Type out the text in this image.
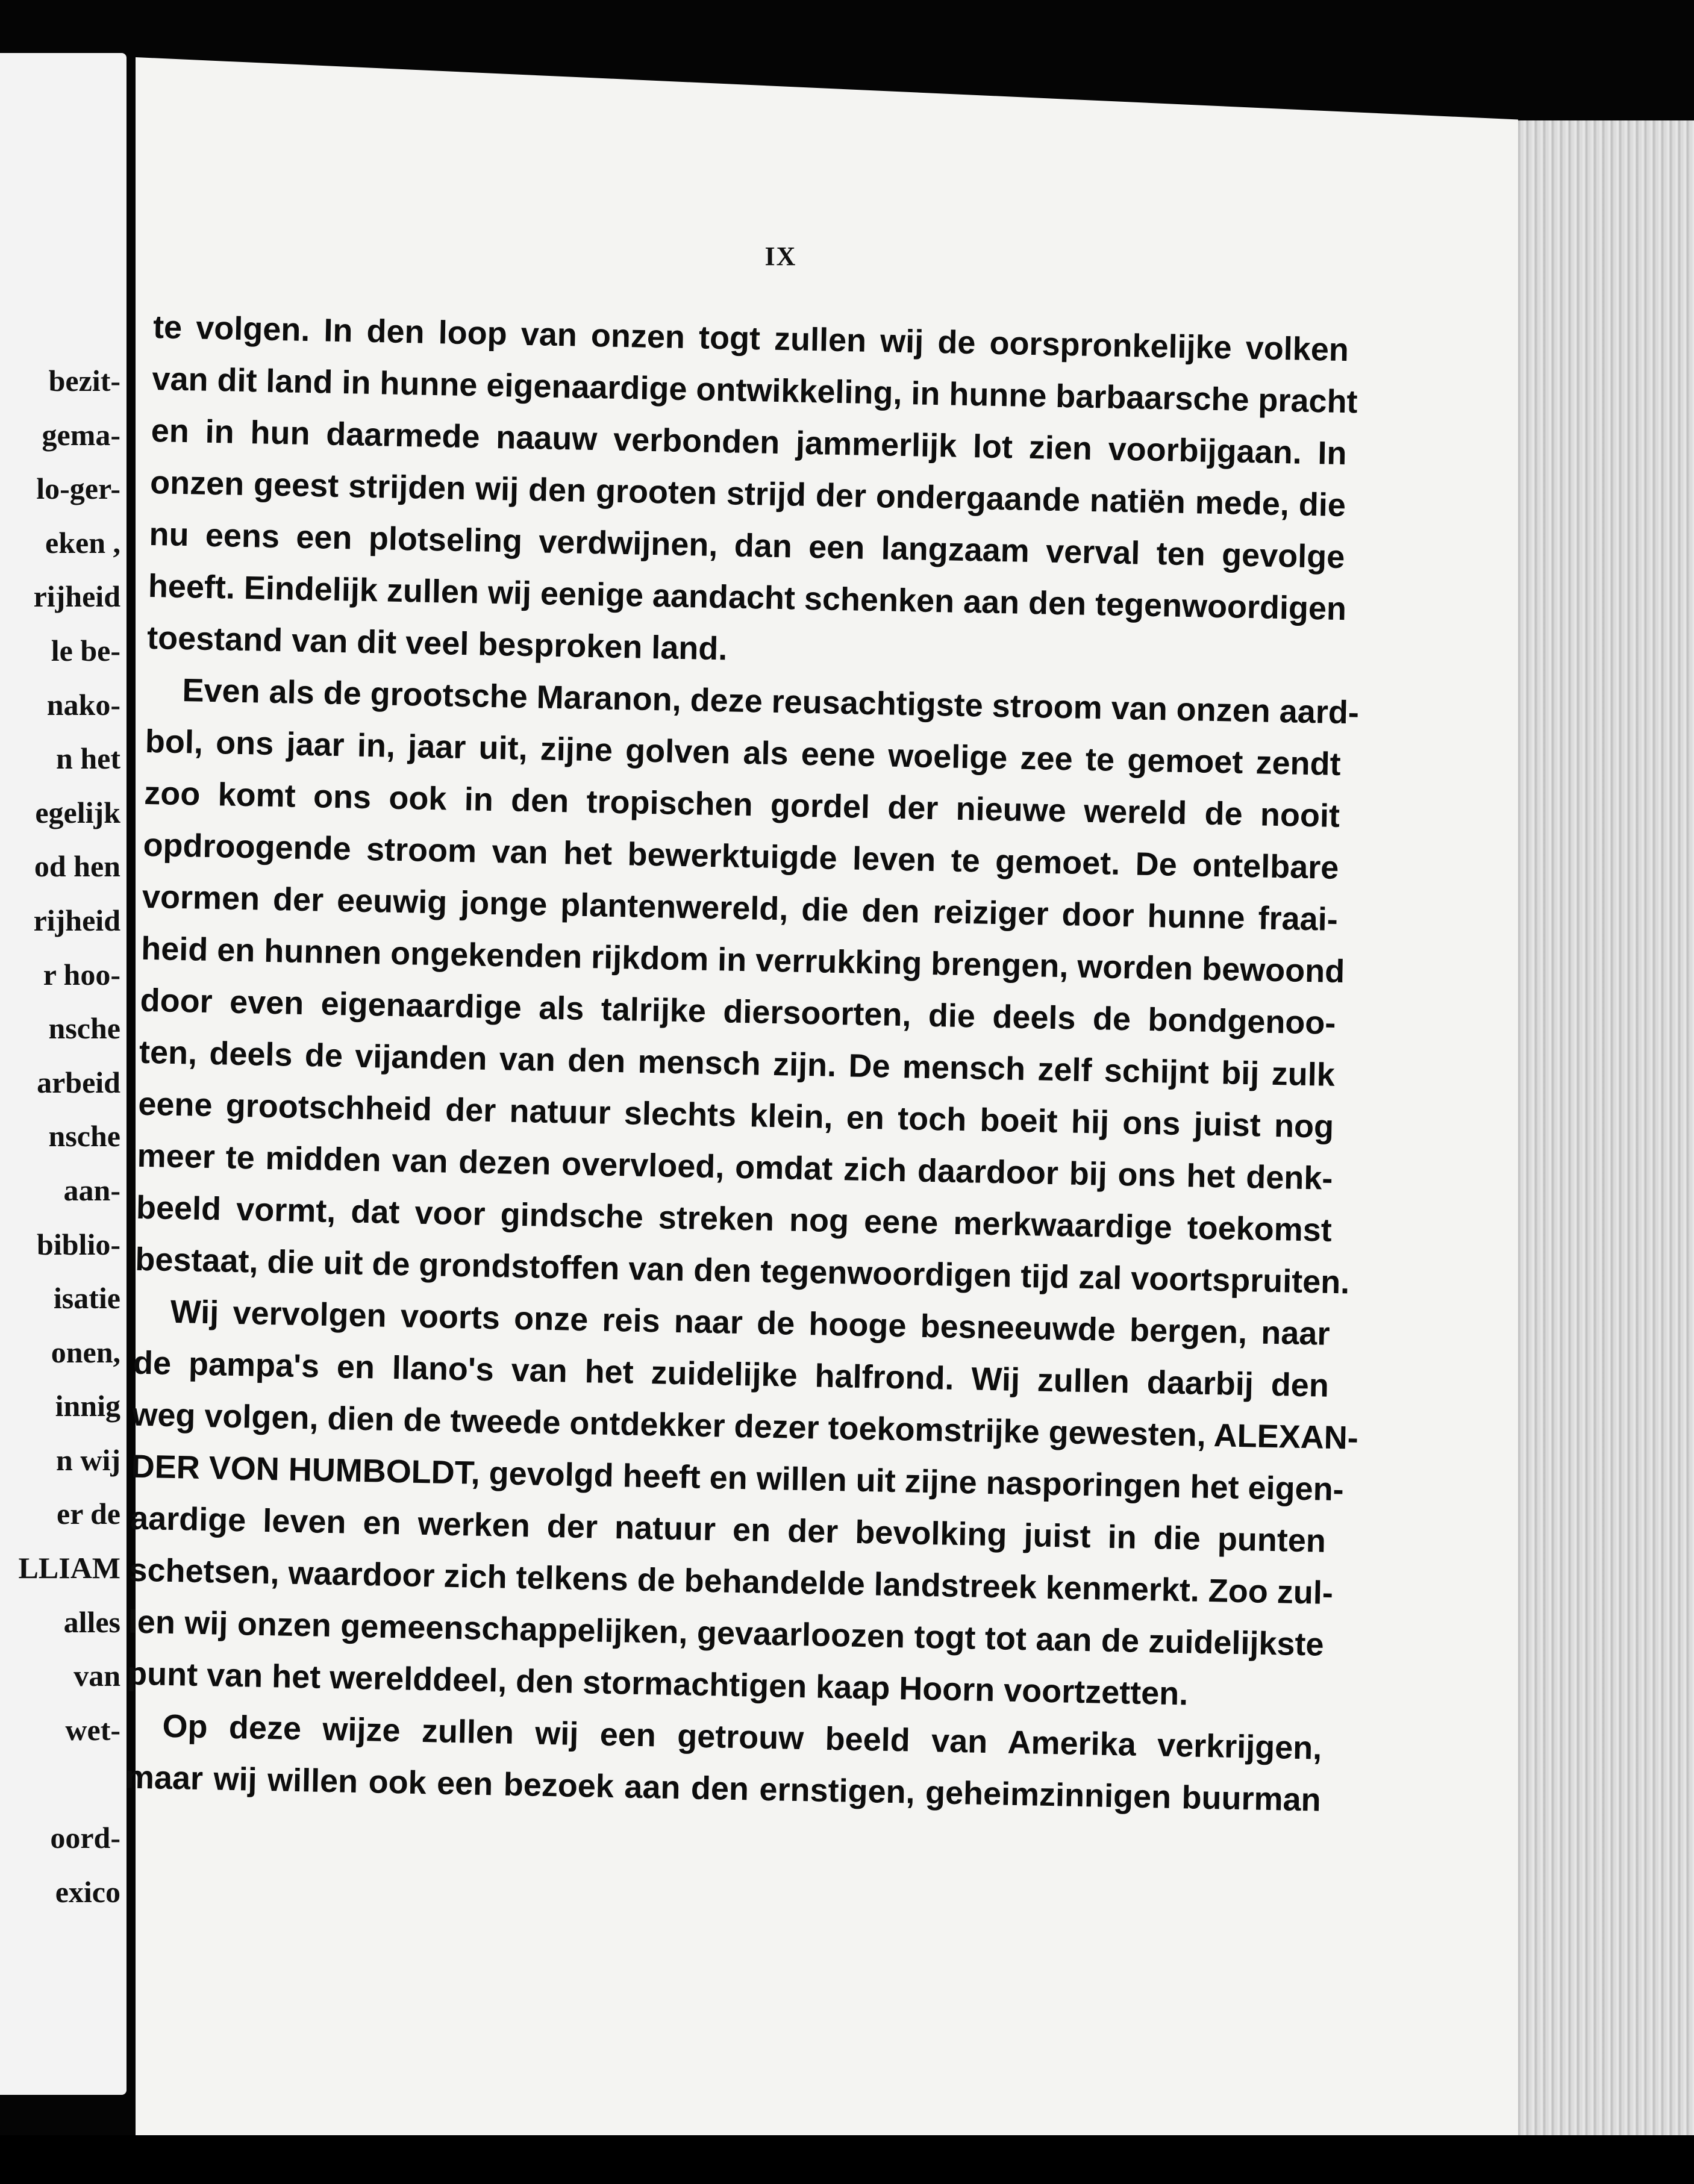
bezit-
gema-
lo-ger-
eken ,
rijheid
le be-
nako-
n het
egelijk
od hen
rijheid
r hoo-
nsche
arbeid
nsche
aan-
biblio-
isatie
onen,
innig
n wij
er de
LLIAM
alles
van
wet-

oord-
exico
IX
te volgen. In den loop van onzen togt zullen wij de oorspronkelijke volken
van dit land in hunne eigenaardige ontwikkeling, in hunne barbaarsche pracht
en in hun daarmede naauw verbonden jammerlijk lot zien voorbijgaan. In
onzen geest strijden wij den grooten strijd der ondergaande natiën mede, die
nu eens een plotseling verdwijnen, dan een langzaam verval ten gevolge
heeft. Eindelijk zullen wij eenige aandacht schenken aan den tegenwoordigen
toestand van dit veel besproken land.
Even als de grootsche Maranon, deze reusachtigste stroom van onzen aard-
bol, ons jaar in, jaar uit, zijne golven als eene woelige zee te gemoet zendt
zoo komt ons ook in den tropischen gordel der nieuwe wereld de nooit
opdroogende stroom van het bewerktuigde leven te gemoet. De ontelbare
vormen der eeuwig jonge plantenwereld, die den reiziger door hunne fraai-
heid en hunnen ongekenden rijkdom in verrukking brengen, worden bewoond
door even eigenaardige als talrijke diersoorten, die deels de bondgenoo-
ten, deels de vijanden van den mensch zijn. De mensch zelf schijnt bij zulk
eene grootschheid der natuur slechts klein, en toch boeit hij ons juist nog
meer te midden van dezen overvloed, omdat zich daardoor bij ons het denk-
beeld vormt, dat voor gindsche streken nog eene merkwaardige toekomst
bestaat, die uit de grondstoffen van den tegenwoordigen tijd zal voortspruiten.
Wij vervolgen voorts onze reis naar de hooge besneeuwde bergen, naar
de pampa's en llano's van het zuidelijke halfrond. Wij zullen daarbij den
weg volgen, dien de tweede ontdekker dezer toekomstrijke gewesten, ALEXAN-
DER VON HUMBOLDT, gevolgd heeft en willen uit zijne nasporingen het eigen-
aardige leven en werken der natuur en der bevolking juist in die punten
schetsen, waardoor zich telkens de behandelde landstreek kenmerkt. Zoo zul-
len wij onzen gemeenschappelijken, gevaarloozen togt tot aan de zuidelijkste
punt van het werelddeel, den stormachtigen kaap Hoorn voortzetten.
Op deze wijze zullen wij een getrouw beeld van Amerika verkrijgen,
maar wij willen ook een bezoek aan den ernstigen, geheimzinnigen buurman
